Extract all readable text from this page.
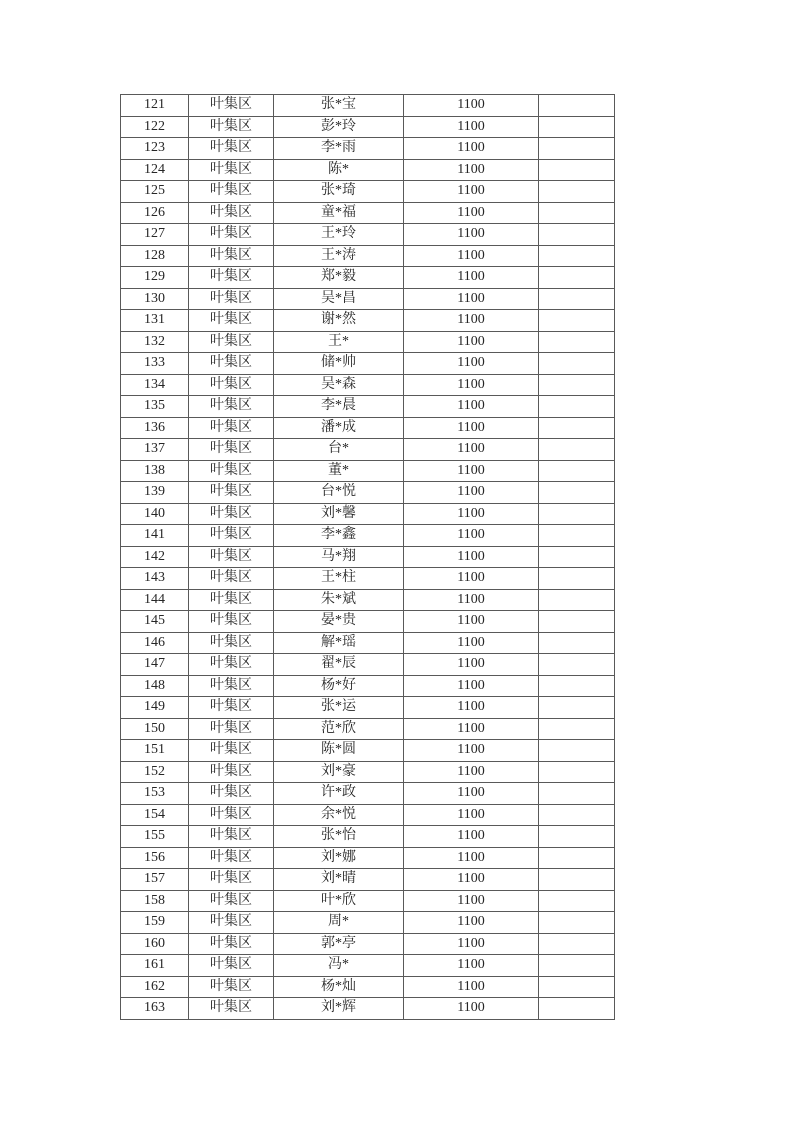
121	叶集区	张*宝	1100	
122	叶集区	彭*玲	1100	
123	叶集区	李*雨	1100	
124	叶集区	陈*	1100	
125	叶集区	张*琦	1100	
126	叶集区	童*福	1100	
127	叶集区	王*玲	1100	
128	叶集区	王*涛	1100	
129	叶集区	郑*毅	1100	
130	叶集区	吴*昌	1100	
131	叶集区	谢*然	1100	
132	叶集区	王*	1100	
133	叶集区	储*帅	1100	
134	叶集区	吴*森	1100	
135	叶集区	李*晨	1100	
136	叶集区	潘*成	1100	
137	叶集区	台*	1100	
138	叶集区	董*	1100	
139	叶集区	台*悦	1100	
140	叶集区	刘*馨	1100	
141	叶集区	李*鑫	1100	
142	叶集区	马*翔	1100	
143	叶集区	王*柱	1100	
144	叶集区	朱*斌	1100	
145	叶集区	晏*贵	1100	
146	叶集区	解*瑶	1100	
147	叶集区	翟*辰	1100	
148	叶集区	杨*好	1100	
149	叶集区	张*运	1100	
150	叶集区	范*欣	1100	
151	叶集区	陈*圆	1100	
152	叶集区	刘*豪	1100	
153	叶集区	许*政	1100	
154	叶集区	余*悦	1100	
155	叶集区	张*怡	1100	
156	叶集区	刘*娜	1100	
157	叶集区	刘*晴	1100	
158	叶集区	叶*欣	1100	
159	叶集区	周*	1100	
160	叶集区	郭*亭	1100	
161	叶集区	冯*	1100	
162	叶集区	杨*灿	1100	
163	叶集区	刘*辉	1100	
